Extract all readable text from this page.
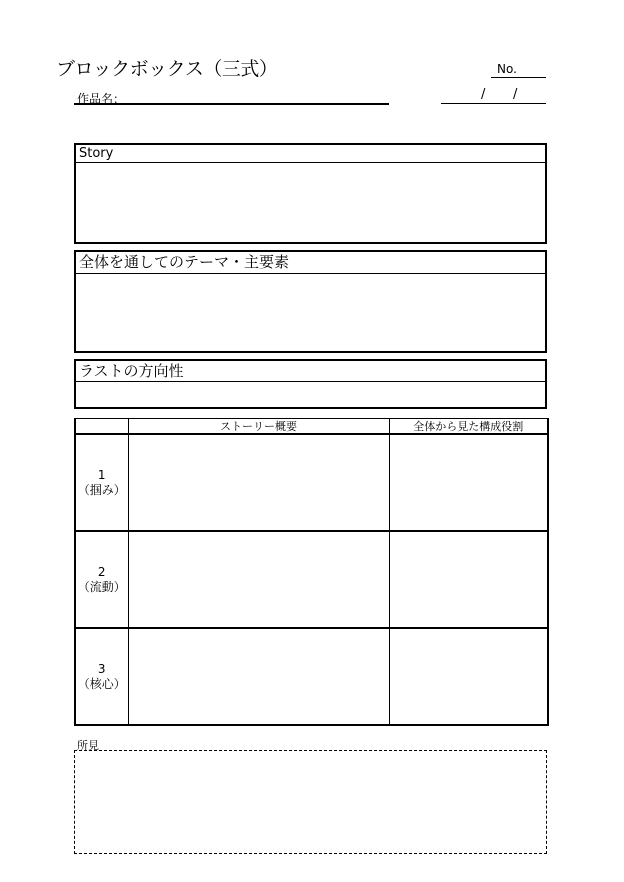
ブロックボックス（三式）	No.
作品名：	/ /
Story
全体を通してのテーマ・主要素
ラストの方向性
	ストーリー概要	全体から見た構成役割

1
（掴み）		

2
（流動）		

3
（核心）		

所見
